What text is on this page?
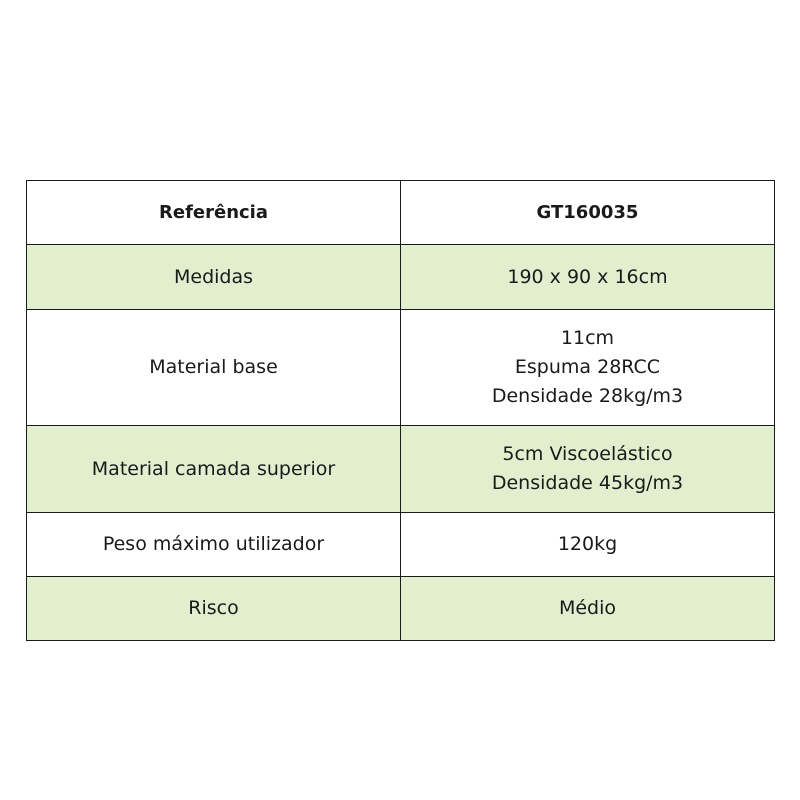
Referência	GT160035
Medidas	190 x 90 x 16cm

Material base	11cm
Espuma 28RCC
Densidade 28kg/m3

Material camada superior	5cm Viscoelástico
Densidade 45kg/m3

Peso máximo utilizador	120kg

Risco	Médio
